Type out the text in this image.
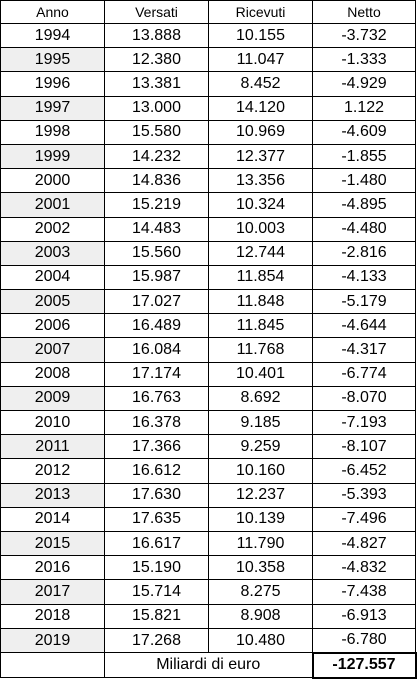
Anno	Versati	Ricevuti	Netto
1994	13.888	10.155	-3.732
1995	12.380	11.047	-1.333
1996	13.381	8.452	-4.929
1997	13.000	14.120	1.122
1998	15.580	10.969	-4.609
1999	14.232	12.377	-1.855
2000	14.836	13.356	-1.480
2001	15.219	10.324	-4.895
2002	14.483	10.003	-4.480
2003	15.560	12.744	-2.816
2004	15.987	11.854	-4.133
2005	17.027	11.848	-5.179
2006	16.489	11.845	-4.644
2007	16.084	11.768	-4.317
2008	17.174	10.401	-6.774
2009	16.763	8.692	-8.070
2010	16.378	9.185	-7.193
2011	17.366	9.259	-8.107
2012	16.612	10.160	-6.452
2013	17.630	12.237	-5.393
2014	17.635	10.139	-7.496
2015	16.617	11.790	-4.827
2016	15.190	10.358	-4.832
2017	15.714	8.275	-7.438
2018	15.821	8.908	-6.913
2019	17.268	10.480	-6.780
	Miliardi di euro		-127.557
